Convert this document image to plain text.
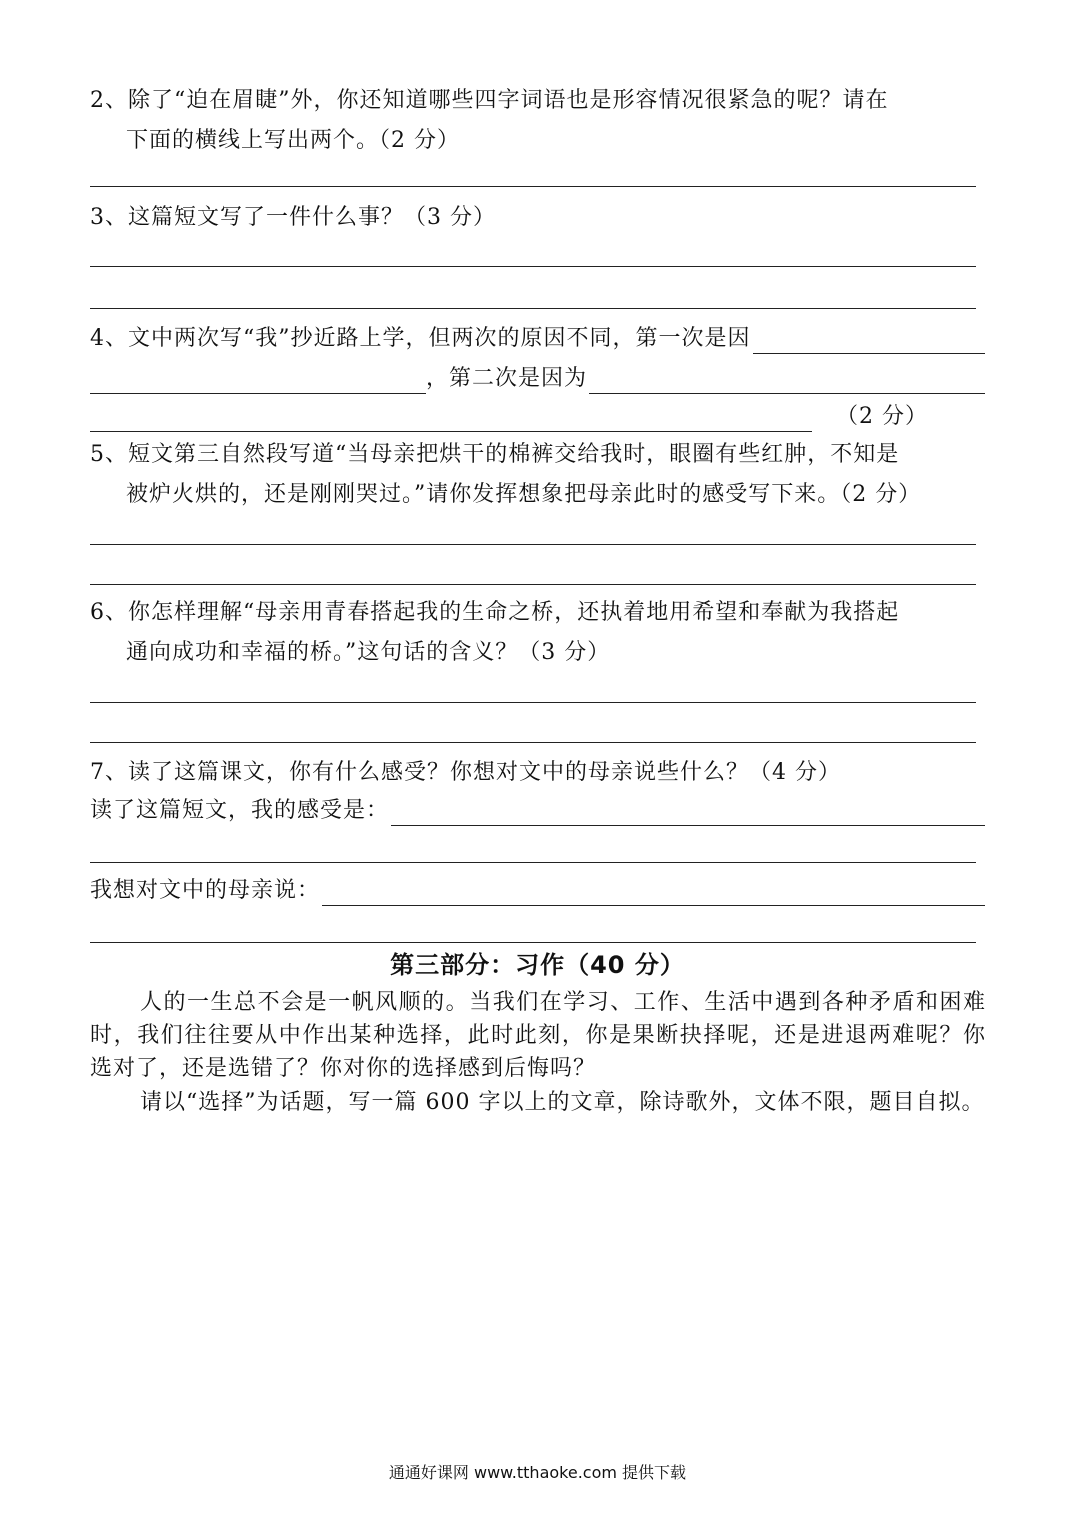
2、除了“迫在眉睫”外，你还知道哪些四字词语也是形容情况很紧急的呢？请在
下面的横线上写出两个。（2 分）
3、这篇短文写了一件什么事？（3 分）
4、文中两次写“我”抄近路上学，但两次的原因不同，第一次是因
，第二次是因为
（2 分）
5、短文第三自然段写道“当母亲把烘干的棉裤交给我时，眼圈有些红肿，不知是
被炉火烘的，还是刚刚哭过。”请你发挥想象把母亲此时的感受写下来。（2 分）
6、你怎样理解“母亲用青春搭起我的生命之桥，还执着地用希望和奉献为我搭起
通向成功和幸福的桥。”这句话的含义？（3 分）
7、读了这篇课文，你有什么感受？你想对文中的母亲说些什么？（4 分）
读了这篇短文，我的感受是：
我想对文中的母亲说：
第三部分：习作（40 分）
人的一生总不会是一帆风顺的。当我们在学习、工作、生活中遇到各种矛盾和困难时，我们往往要从中作出某种选择，此时此刻，你是果断抉择呢，还是进退两难呢？你选对了，还是选错了？你对你的选择感到后悔吗？
请以“选择”为话题，写一篇 600 字以上的文章，除诗歌外，文体不限，题目自拟。
通通好课网 www.tthaoke.com 提供下载
